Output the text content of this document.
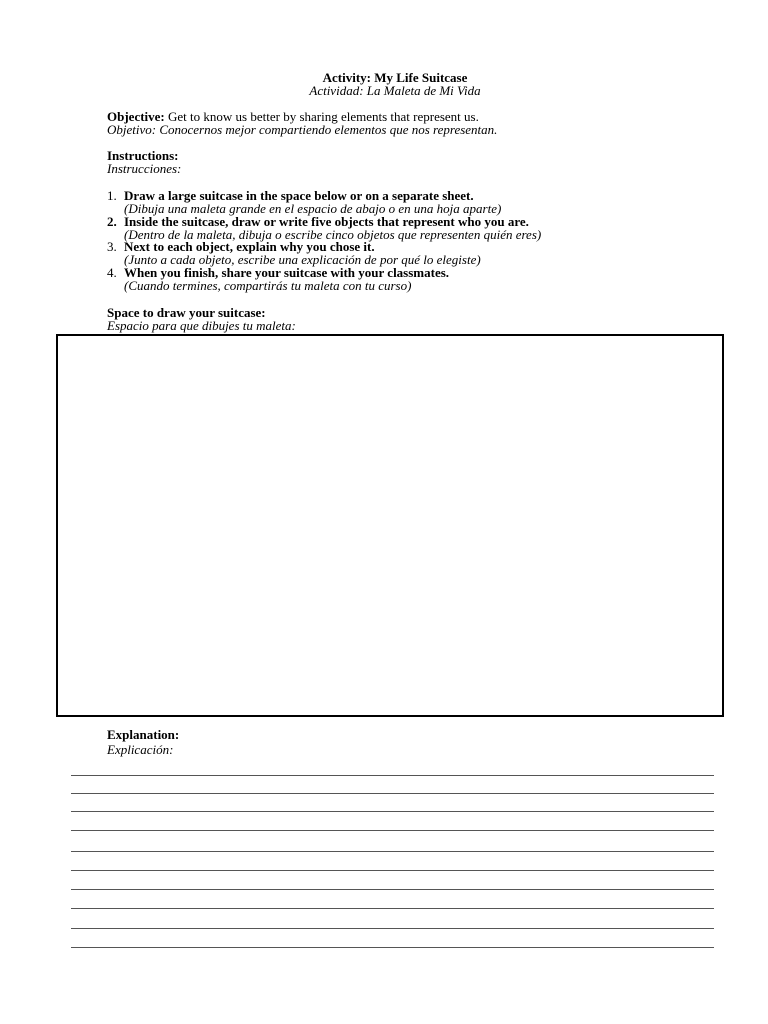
Activity: My Life Suitcase
Actividad: La Maleta de Mi Vida
Objective: Get to know us better by sharing elements that represent us.
Objetivo: Conocernos mejor compartiendo elementos que nos representan.
Instructions:
Instrucciones:
1. Draw a large suitcase in the space below or on a separate sheet.
(Dibuja una maleta grande en el espacio de abajo o en una hoja aparte)
2. Inside the suitcase, draw or write five objects that represent who you are.
(Dentro de la maleta, dibuja o escribe cinco objetos que representen quién eres)
3. Next to each object, explain why you chose it.
(Junto a cada objeto, escribe una explicación de por qué lo elegiste)
4. When you finish, share your suitcase with your classmates.
(Cuando termines, compartirás tu maleta con tu curso)
Space to draw your suitcase:
Espacio para que dibujes tu maleta:
Explanation:
Explicación:
